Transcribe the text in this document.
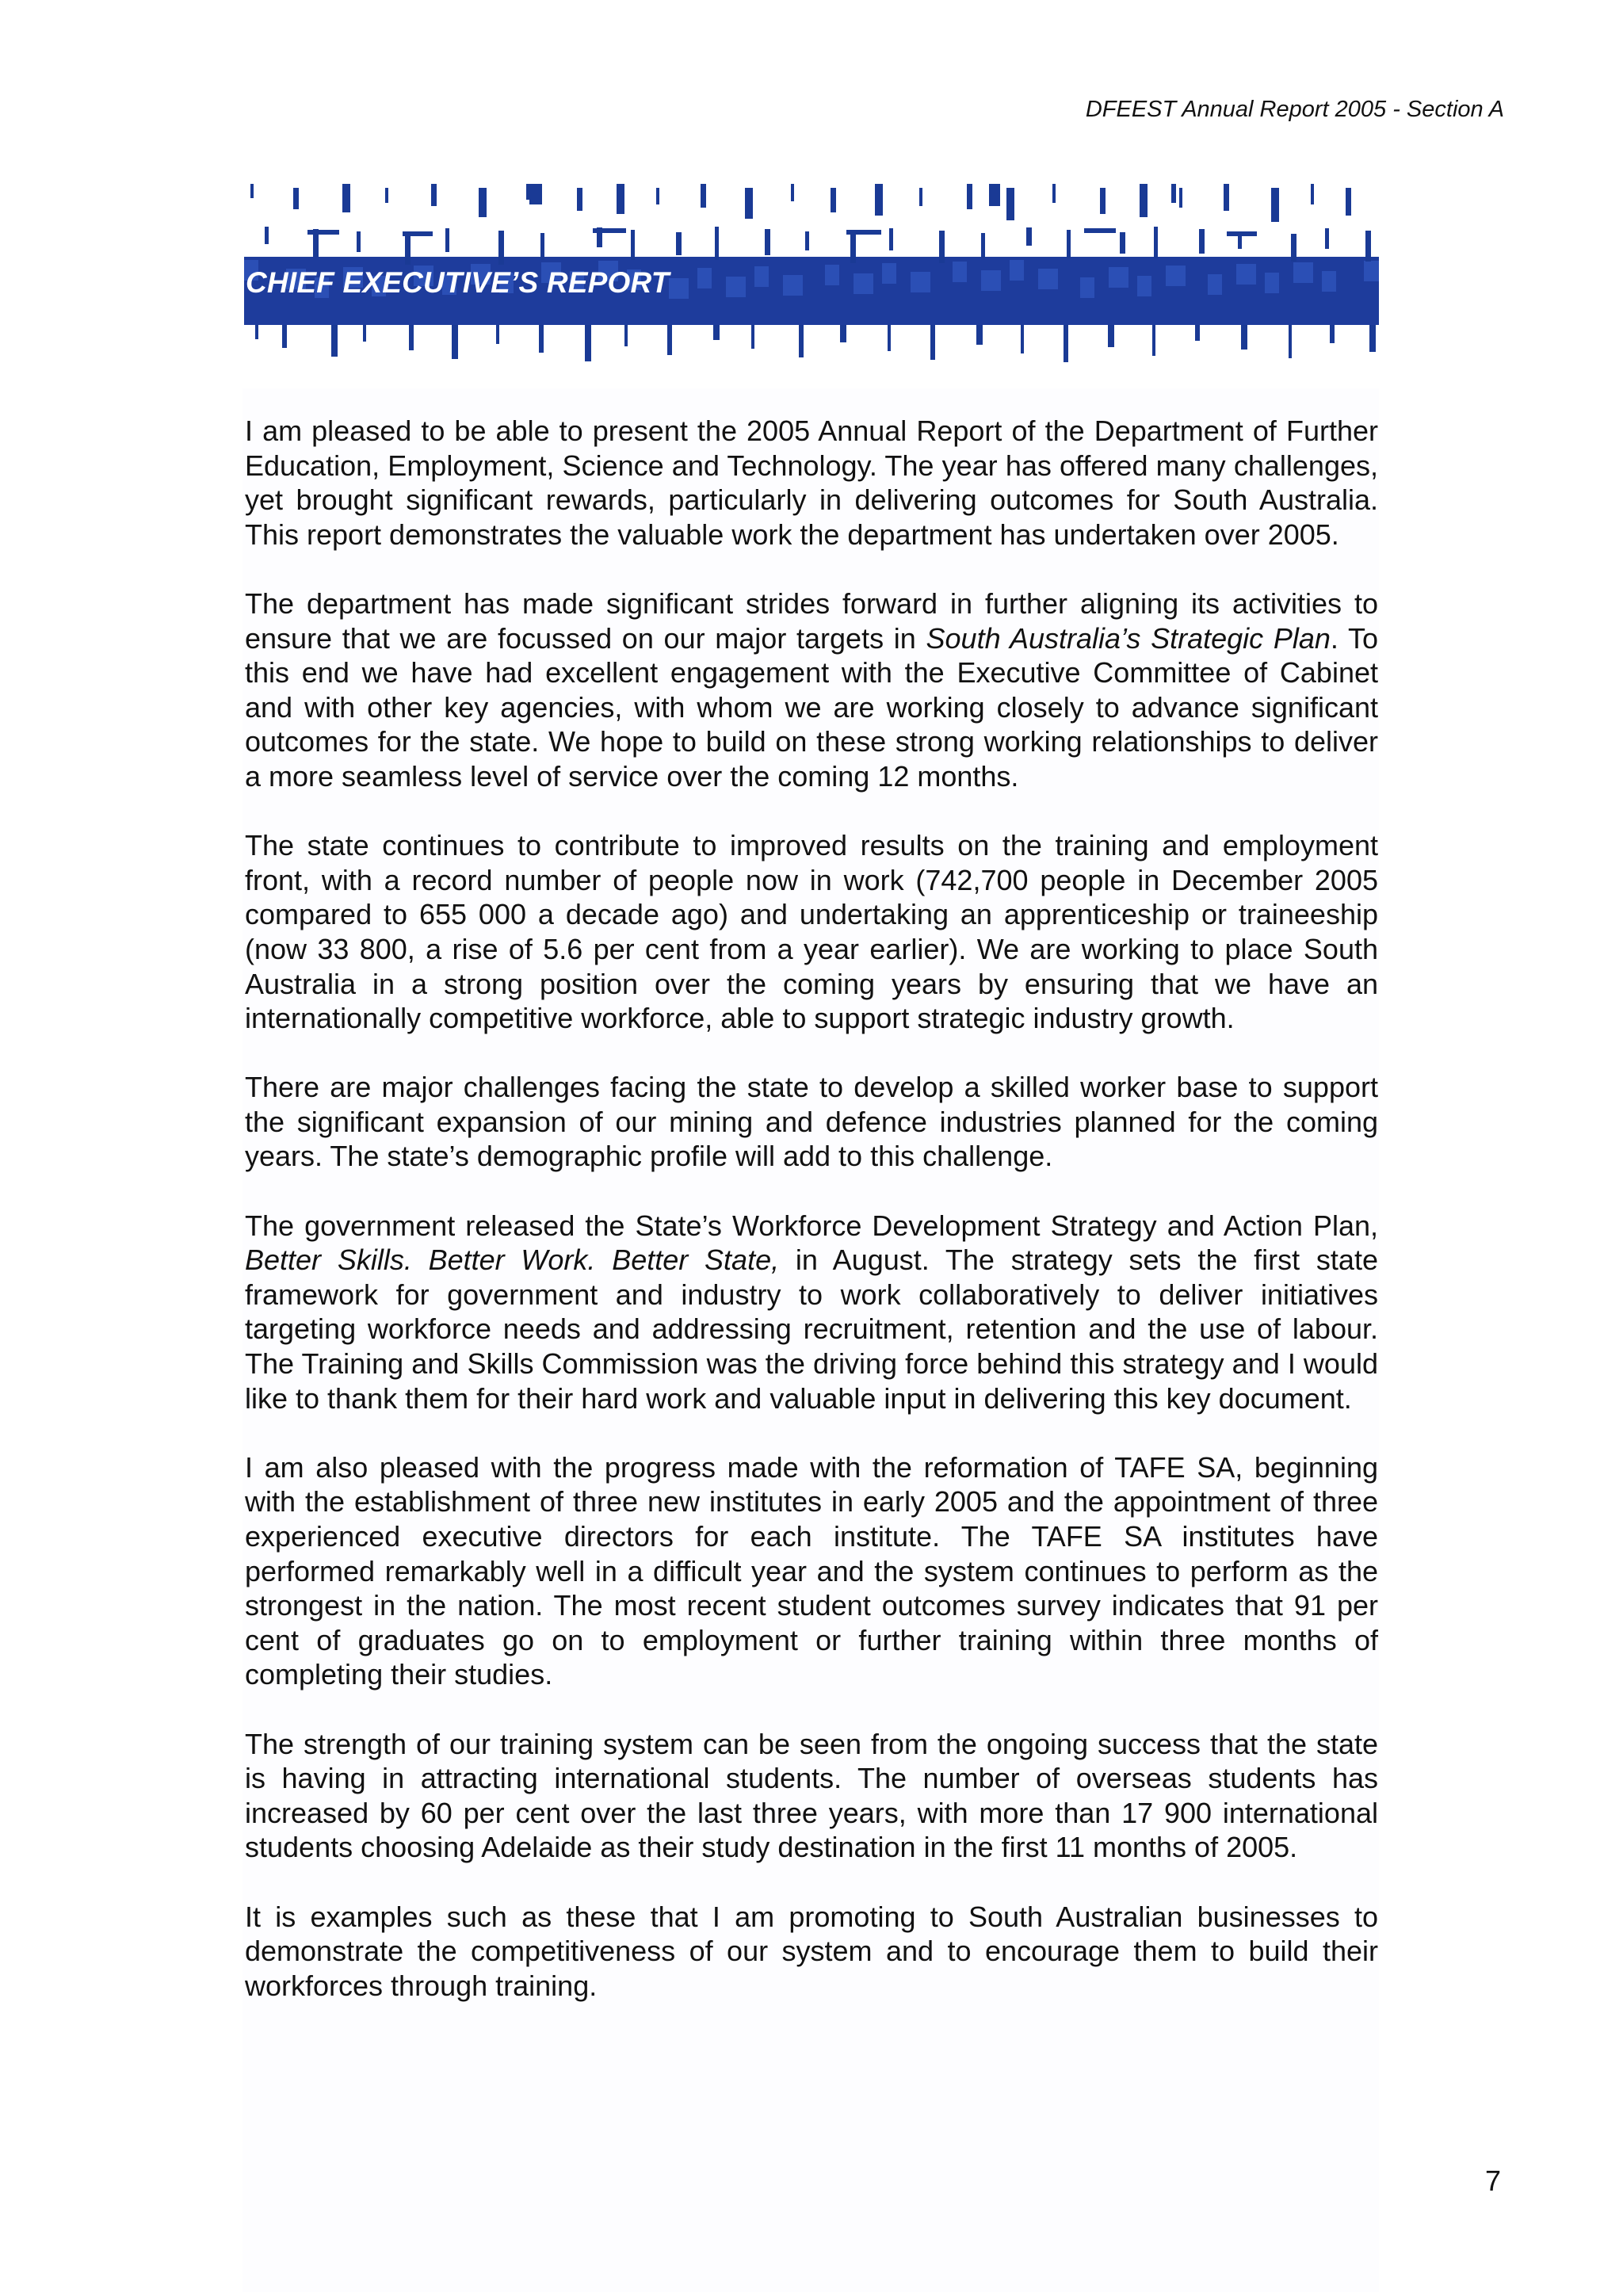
DFEEST Annual Report 2005 - Section A
CHIEF EXECUTIVE’S REPORT

I am pleased to be able to present the 2005 Annual Report of the Department of Further Education, Employment, Science and Technology. The year has offered many challenges, yet brought significant rewards, particularly in delivering outcomes for South Australia. This report demonstrates the valuable work the department has undertaken over 2005.

The department has made significant strides forward in further aligning its activities to ensure that we are focussed on our major targets in South Australia’s Strategic Plan. To this end we have had excellent engagement with the Executive Committee of Cabinet and with other key agencies, with whom we are working closely to advance significant outcomes for the state. We hope to build on these strong working relationships to deliver a more seamless level of service over the coming 12 months.

The state continues to contribute to improved results on the training and employment front, with a record number of people now in work (742,700 people in December 2005 compared to 655 000 a decade ago) and undertaking an apprenticeship or traineeship (now 33 800, a rise of 5.6 per cent from a year earlier). We are working to place South Australia in a strong position over the coming years by ensuring that we have an internationally competitive workforce, able to support strategic industry growth.

There are major challenges facing the state to develop a skilled worker base to support the significant expansion of our mining and defence industries planned for the coming years. The state’s demographic profile will add to this challenge.

The government released the State’s Workforce Development Strategy and Action Plan, Better Skills. Better Work. Better State, in August. The strategy sets the first state framework for government and industry to work collaboratively to deliver initiatives targeting workforce needs and addressing recruitment, retention and the use of labour. The Training and Skills Commission was the driving force behind this strategy and I would like to thank them for their hard work and valuable input in delivering this key document.

I am also pleased with the progress made with the reformation of TAFE SA, beginning with the establishment of three new institutes in early 2005 and the appointment of three experienced executive directors for each institute. The TAFE SA institutes have performed remarkably well in a difficult year and the system continues to perform as the strongest in the nation. The most recent student outcomes survey indicates that 91 per cent of graduates go on to employment or further training within three months of completing their studies.

The strength of our training system can be seen from the ongoing success that the state is having in attracting international students. The number of overseas students has increased by 60 per cent over the last three years, with more than 17 900 international students choosing Adelaide as their study destination in the first 11 months of 2005.

It is examples such as these that I am promoting to South Australian businesses to demonstrate the competitiveness of our system and to encourage them to build their workforces through training.

7
